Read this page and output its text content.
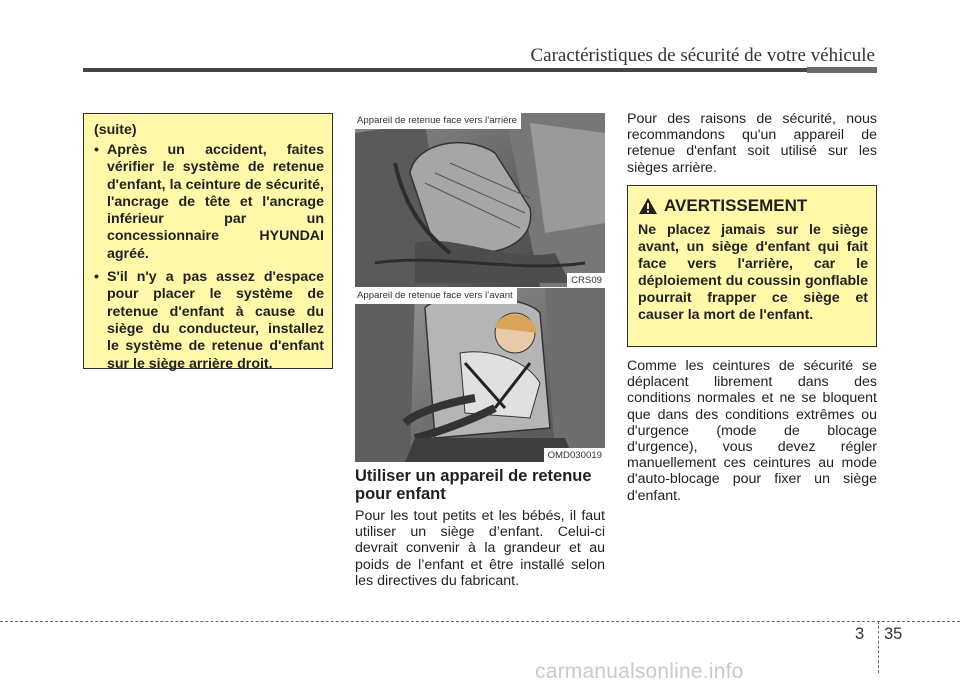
Caractéristiques de sécurité de votre véhicule
(suite)
• Après un accident, faites vérifier le système de retenue d'enfant, la ceinture de sécurité, l'ancrage de tête et l'ancrage inférieur par un concessionnaire HYUNDAI agréé.
• S'il n'y a pas assez d'espace pour placer le système de retenue d'enfant à cause du siège du conducteur, installez le système de retenue d'enfant sur le siège arrière droit.
Appareil de retenue face vers l’arrière
CRS09
Appareil de retenue face vers l’avant
OMD030019
Utiliser un appareil de retenue pour enfant
Pour les tout petits et les bébés, il faut utiliser un siège d’enfant. Celui-ci devrait convenir à la grandeur et au poids de l’enfant et être installé selon les directives du fabricant.
Pour des raisons de sécurité, nous recommandons qu'un appareil de retenue d'enfant soit utilisé sur les sièges arrière.
AVERTISSEMENT
Ne placez jamais sur le siège avant, un siège d'enfant qui fait face vers l'arrière, car le déploiement du coussin gonflable pourrait frapper ce siège et causer la mort de l'enfant.
Comme les ceintures de sécurité se déplacent librement dans des conditions normales et ne se bloquent que dans des conditions extrêmes ou d'urgence (mode de blocage d'urgence), vous devez régler manuellement ces ceintures au mode d'auto-blocage pour fixer un siège d'enfant.
3 35
carmanualsonline.info
